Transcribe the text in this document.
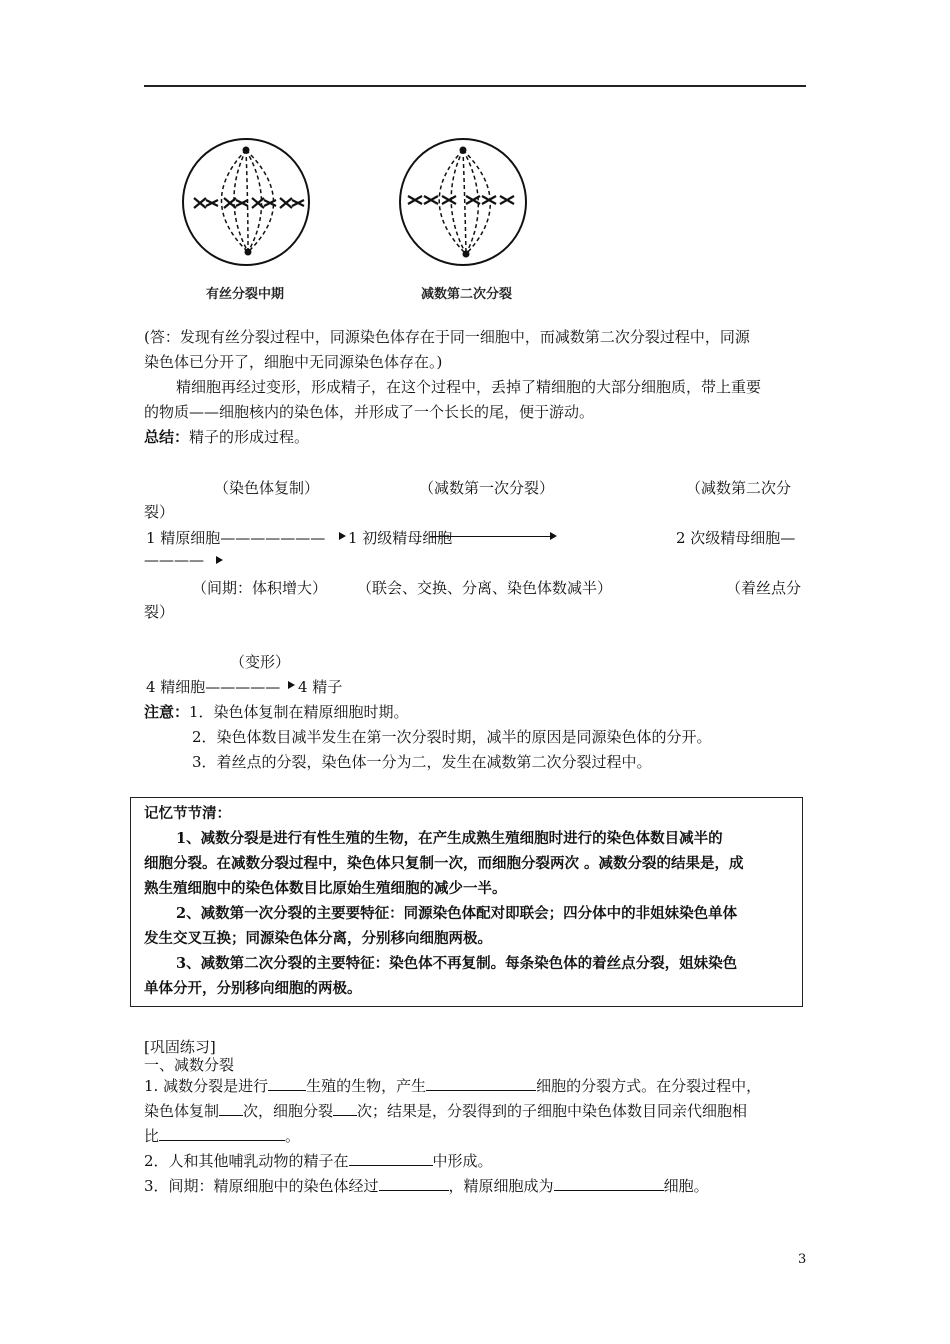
有丝分裂中期	减数第二次分裂
(答：发现有丝分裂过程中，同源染色体存在于同一细胞中，而减数第二次分裂过程中，同源
染色体已分开了，细胞中无同源染色体存在。)
精细胞再经过变形，形成精子，在这个过程中，丢掉了精细胞的大部分细胞质，带上重要
的物质——细胞核内的染色体，并形成了一个长长的尾，便于游动。
总结：精子的形成过程。
（染色体复制）	（减数第一次分裂）	（减数第二次分
裂）
1 精原细胞——————— 1 初级精母细胞	2 次级精母细胞—
————
（间期：体积增大） （联会、交换、分离、染色体数减半）	（着丝点分
裂）
（变形）
4 精细胞————— 4 精子
注意：1．染色体复制在精原细胞时期。
2．染色体数目减半发生在第一次分裂时期，减半的原因是同源染色体的分开。
3．着丝点的分裂，染色体一分为二，发生在减数第二次分裂过程中。
记忆节节清：
1、减数分裂是进行有性生殖的生物，在产生成熟生殖细胞时进行的染色体数目减半的
细胞分裂。在减数分裂过程中，染色体只复制一次，而细胞分裂两次 。减数分裂的结果是，成
熟生殖细胞中的染色体数目比原始生殖细胞的减少一半。
2、减数第一次分裂的主要要特征：同源染色体配对即联会；四分体中的非姐妹染色单体
发生交叉互换；同源染色体分离，分别移向细胞两极。
3、减数第二次分裂的主要特征：染色体不再复制。每条染色体的着丝点分裂，姐妹染色
单体分开，分别移向细胞的两极。
[巩固练习]
一、减数分裂
1. 减数分裂是进行	生殖的生物，产生	细胞的分裂方式。在分裂过程中，
染色体复制 次，细胞分裂 次；结果是，分裂得到的子细胞中染色体数目同亲代细胞相
比	。
2．人和其他哺乳动物的精子在	中形成。
3．间期：精原细胞中的染色体经过	，精原细胞成为	细胞。
3
